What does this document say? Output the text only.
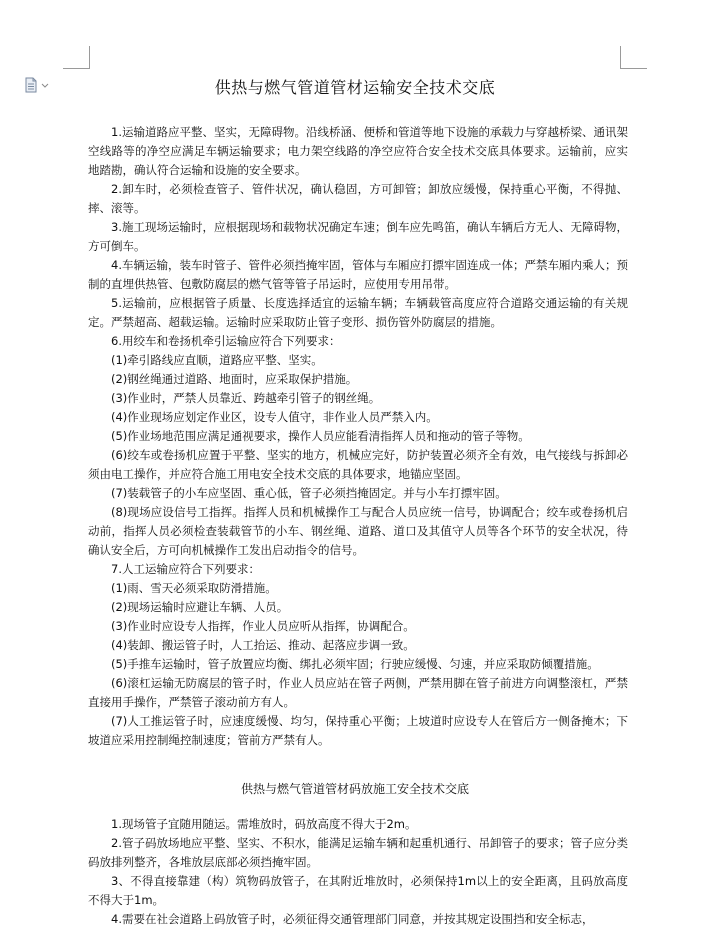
供热与燃气管道管材运输安全技术交底

1.运输道路应平整、坚实，无障碍物。沿线桥涵、便桥和管道等地下设施的承载力与穿越桥梁、通讯架空线路等的净空应满足车辆运输要求；电力架空线路的净空应符合安全技术交底具体要求。运输前，应实地踏勘，确认符合运输和设施的安全要求。

2.卸车时，必须检查管子、管件状况，确认稳固，方可卸管；卸放应缓慢，保持重心平衡，不得抛、摔、滚等。

3.施工现场运输时，应根据现场和载物状况确定车速；倒车应先鸣笛，确认车辆后方无人、无障碍物，方可倒车。

4.车辆运输，装车时管子、管件必须挡掩牢固，管体与车厢应打摽牢固连成一体；严禁车厢内乘人；预制的直埋供热管、包敷防腐层的燃气管等管子吊运时，应使用专用吊带。

5.运输前，应根据管子质量、长度选择适宜的运输车辆；车辆载管高度应符合道路交通运输的有关规定。严禁超高、超载运输。运输时应采取防止管子变形、损伤管外防腐层的措施。

6.用绞车和卷扬机牵引运输应符合下列要求：

(1)牵引路线应直顺，道路应平整、坚实。

(2)钢丝绳通过道路、地面时，应采取保护措施。

(3)作业时，严禁人员靠近、跨越牵引管子的钢丝绳。

(4)作业现场应划定作业区，设专人值守，非作业人员严禁入内。

(5)作业场地范围应满足通视要求，操作人员应能看清指挥人员和拖动的管子等物。

(6)绞车或卷扬机应置于平整、坚实的地方，机械应完好，防护装置必须齐全有效，电气接线与拆卸必须由电工操作，并应符合施工用电安全技术交底的具体要求，地锚应坚固。

(7)装载管子的小车应坚固、重心低，管子必须挡掩固定。并与小车打摽牢固。

(8)现场应设信号工指挥。指挥人员和机械操作工与配合人员应统一信号，协调配合；绞车或卷扬机启动前，指挥人员必须检查装载管节的小车、钢丝绳、道路、道口及其值守人员等各个环节的安全状况，待确认安全后，方可向机械操作工发出启动指令的信号。

7.人工运输应符合下列要求：

(1)雨、雪天必须采取防滑措施。

(2)现场运输时应避让车辆、人员。

(3)作业时应设专人指挥，作业人员应听从指挥，协调配合。

(4)装卸、搬运管子时，人工抬运、推动、起落应步调一致。

(5)手推车运输时，管子放置应均衡、绑扎必须牢固；行驶应缓慢、匀速，并应采取防倾覆措施。

(6)滚杠运输无防腐层的管子时，作业人员应站在管子两侧，严禁用脚在管子前进方向调整滚杠，严禁直接用手操作，严禁管子滚动前方有人。

(7)人工推运管子时，应速度缓慢、均匀，保持重心平衡；上坡道时应设专人在管后方一侧备掩木；下坡道应采用控制绳控制速度；管前方严禁有人。

供热与燃气管道管材码放施工安全技术交底

1.现场管子宜随用随运。需堆放时，码放高度不得大于2m。

2.管子码放场地应平整、坚实、不积水，能满足运输车辆和起重机通行、吊卸管子的要求；管子应分类码放排列整齐，各堆放层底部必须挡掩牢固。

3、不得直接靠建（构）筑物码放管子，在其附近堆放时，必须保持1m以上的安全距离，且码放高度不得大于1m。

4.需要在社会道路上码放管子时，必须征得交通管理部门同意，并按其规定设围挡和安全标志，
